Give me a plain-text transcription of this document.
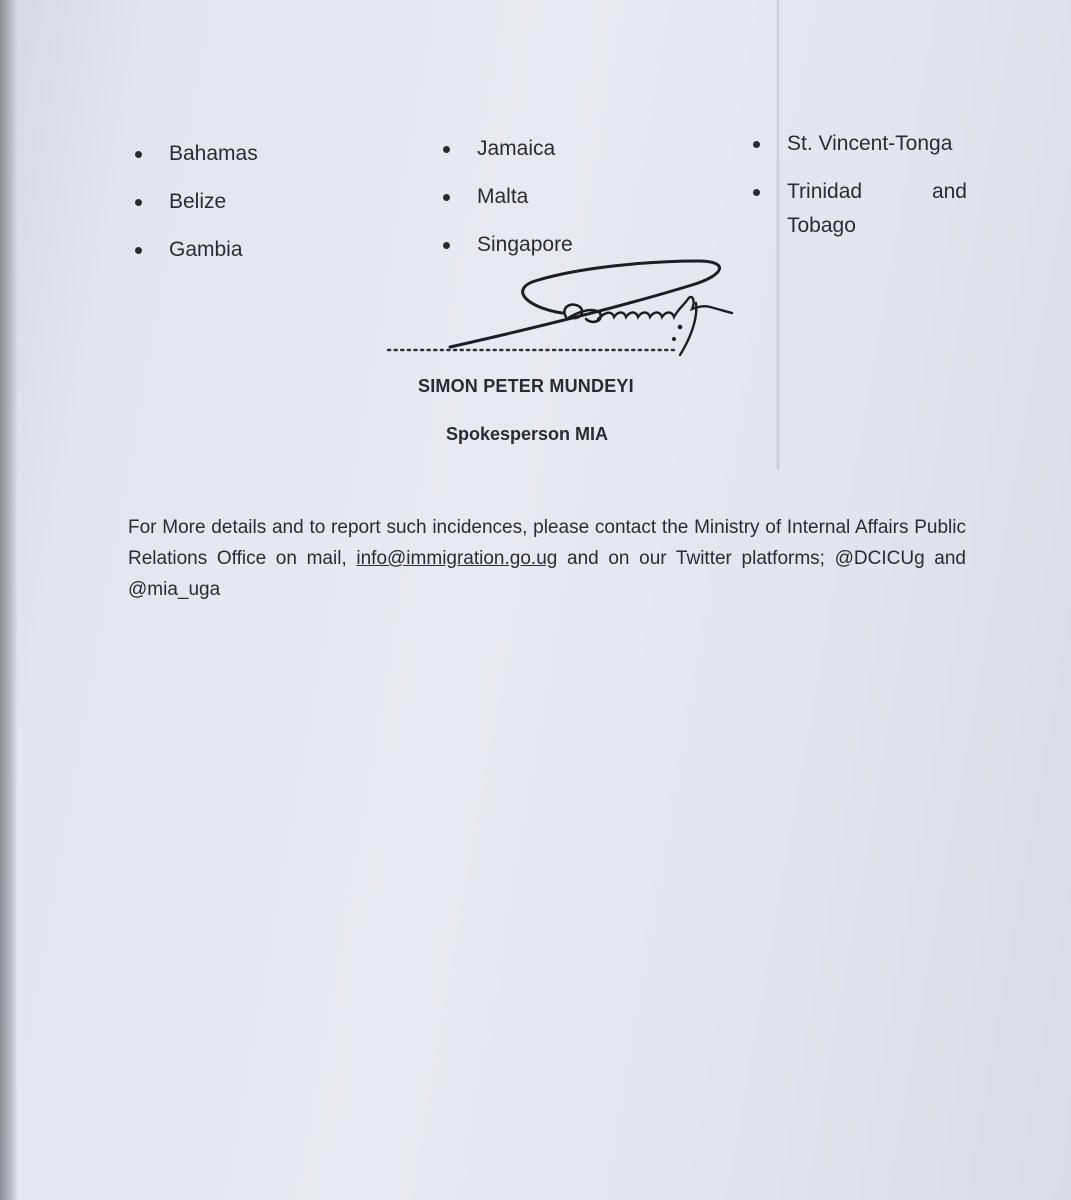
Bahamas
Belize
Gambia
Jamaica
Malta
Singapore
St. Vincent-Tonga
Trinidad	and
Tobago
SIMON PETER MUNDEYI
Spokesperson MIA

For More details and to report such incidences, please contact the Ministry of Internal Affairs Public Relations Office on mail, info@immigration.go.ug and on our Twitter platforms; @DCICUg and @mia_uga
